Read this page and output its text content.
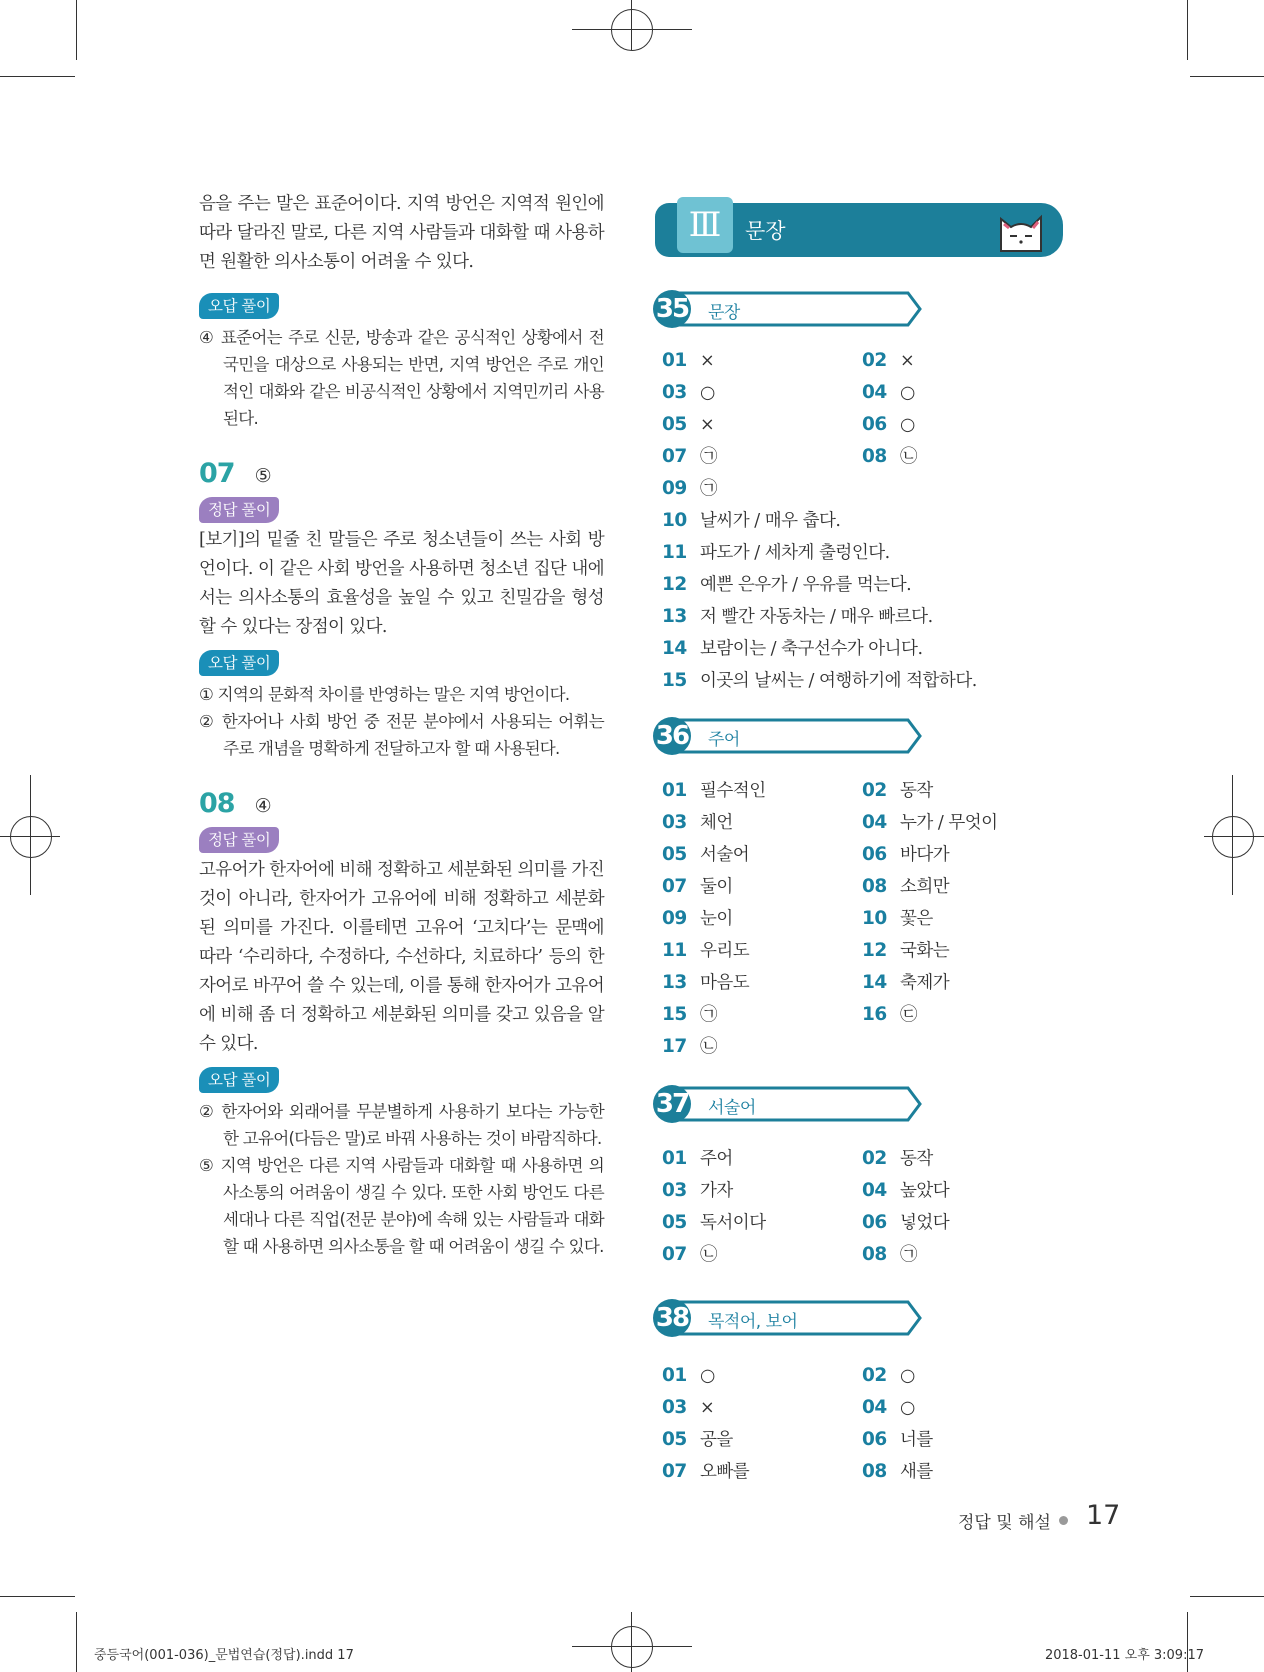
음을 주는 말은 표준어이다. 지역 방언은 지역적 원인에 따라 달라진 말로, 다른 지역 사람들과 대화할 때 사용하면 원활한 의사소통이 어려울 수 있다.

오답 풀이

④ 표준어는 주로 신문, 방송과 같은 공식적인 상황에서 전 국민을 대상으로 사용되는 반면, 지역 방언은 주로 개인적인 대화와 같은 비공식적인 상황에서 지역민끼리 사용된다.

07 ⑤
정답 풀이

[보기]의 밑줄 친 말들은 주로 청소년들이 쓰는 사회 방언이다. 이 같은 사회 방언을 사용하면 청소년 집단 내에서는 의사소통의 효율성을 높일 수 있고 친밀감을 형성할 수 있다는 장점이 있다.

오답 풀이

① 지역의 문화적 차이를 반영하는 말은 지역 방언이다.

② 한자어나 사회 방언 중 전문 분야에서 사용되는 어휘는 주로 개념을 명확하게 전달하고자 할 때 사용된다.

08 ④
정답 풀이

고유어가 한자어에 비해 정확하고 세분화된 의미를 가진 것이 아니라, 한자어가 고유어에 비해 정확하고 세분화된 의미를 가진다. 이를테면 고유어 ‘고치다’는 문맥에 따라 ‘수리하다, 수정하다, 수선하다, 치료하다’ 등의 한자어로 바꾸어 쓸 수 있는데, 이를 통해 한자어가 고유어에 비해 좀 더 정확하고 세분화된 의미를 갖고 있음을 알 수 있다.

오답 풀이

② 한자어와 외래어를 무분별하게 사용하기 보다는 가능한 한 고유어(다듬은 말)로 바꿔 사용하는 것이 바람직하다.

⑤ 지역 방언은 다른 지역 사람들과 대화할 때 사용하면 의사소통의 어려움이 생길 수 있다. 또한 사회 방언도 다른 세대나 다른 직업(전문 분야)에 속해 있는 사람들과 대화할 때 사용하면 의사소통을 할 때 어려움이 생길 수 있다.

Ⅲ	문장
35	문장
36	주어
37	서술어
38	목적어, 보어
01 ×	02 ×
03 ○	04 ○
05 ×	06 ○
07 ㉠	08 ㉡
09 ㉠
10 날씨가 / 매우 춥다.
11 파도가 / 세차게 출렁인다.
12 예쁜 은우가 / 우유를 먹는다.
13 저 빨간 자동차는 / 매우 빠르다.
14 보람이는 / 축구선수가 아니다.
15 이곳의 날씨는 / 여행하기에 적합하다.
01 필수적인	02 동작
03 체언	04 누가 / 무엇이
05 서술어	06 바다가
07 둘이	08 소희만
09 눈이	10 꽃은
11 우리도	12 국화는
13 마음도	14 축제가
15 ㉠	16 ㉢
17 ㉡
01 주어	02 동작
03 가자	04 높았다
05 독서이다	06 넣었다
07 ㉡	08 ㉠
01 ○	02 ○
03 ×	04 ○
05 공을	06 너를
07 오빠를	08 새를
정답 및 해설 17
중등국어(001-036)_문법연습(정답).indd 17	2018-01-11 오후 3:09:17
